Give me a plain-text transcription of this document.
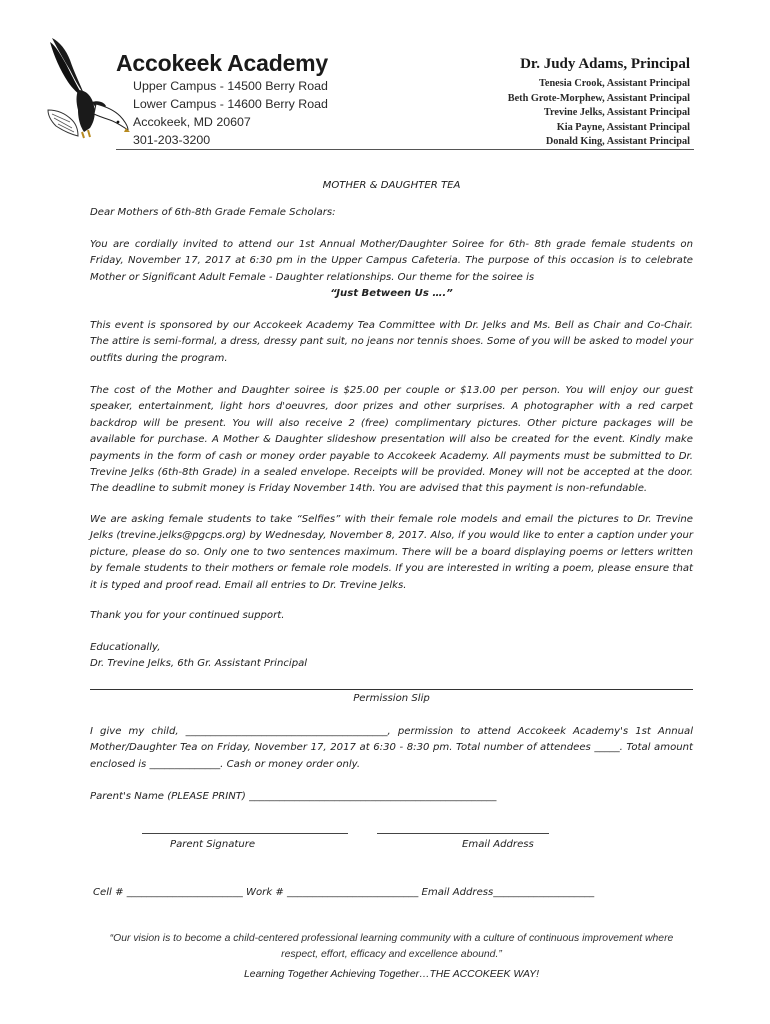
Accokeek Academy
Upper Campus - 14500 Berry Road
Lower Campus - 14600 Berry Road
Accokeek, MD 20607
301-203-3200
Dr. Judy Adams, Principal
Tenesia Crook, Assistant Principal
Beth Grote-Morphew, Assistant Principal
Trevine Jelks, Assistant Principal
Kia Payne, Assistant Principal
Donald King, Assistant Principal
MOTHER & DAUGHTER TEA
Dear Mothers of 6th-8th Grade Female Scholars:
You are cordially invited to attend our 1st Annual Mother/Daughter Soiree for 6th- 8th grade female students on Friday, November 17, 2017 at 6:30 pm in the Upper Campus Cafeteria. The purpose of this occasion is to celebrate Mother or Significant Adult Female - Daughter relationships. Our theme for the soiree is
“Just Between Us ….”
This event is sponsored by our Accokeek Academy Tea Committee with Dr. Jelks and Ms. Bell as Chair and Co-Chair. The attire is semi-formal, a dress, dressy pant suit, no jeans nor tennis shoes. Some of you will be asked to model your outfits during the program.
The cost of the Mother and Daughter soiree is $25.00 per couple or $13.00 per person. You will enjoy our guest speaker, entertainment, light hors d'oeuvres, door prizes and other surprises. A photographer with a red carpet backdrop will be present. You will also receive 2 (free) complimentary pictures. Other picture packages will be available for purchase. A Mother & Daughter slideshow presentation will also be created for the event. Kindly make payments in the form of cash or money order payable to Accokeek Academy. All payments must be submitted to Dr. Trevine Jelks (6th-8th Grade) in a sealed envelope. Receipts will be provided. Money will not be accepted at the door. The deadline to submit money is Friday November 14th. You are advised that this payment is non-refundable.
We are asking female students to take “Selfies” with their female role models and email the pictures to Dr. Trevine Jelks (trevine.jelks@pgcps.org) by Wednesday, November 8, 2017. Also, if you would like to enter a caption under your picture, please do so. Only one to two sentences maximum. There will be a board displaying poems or letters written by female students to their mothers or female role models. If you are interested in writing a poem, please ensure that it is typed and proof read. Email all entries to Dr. Trevine Jelks.
Thank you for your continued support.
Educationally,
Dr. Trevine Jelks, 6th Gr. Assistant Principal
Permission Slip
I give my child, ________________________________________, permission to attend Accokeek Academy's 1st Annual Mother/Daughter Tea on Friday, November 17, 2017 at 6:30 - 8:30 pm. Total number of attendees _____. Total amount enclosed is ______________. Cash or money order only.
Parent's Name (PLEASE PRINT) _________________________________________________
Parent Signature	Email Address
Cell # _______________________ Work # __________________________ Email Address____________________
“Our vision is to become a child-centered professional learning community with a culture of continuous improvement where respect, effort, efficacy and excellence abound.”
Learning Together Achieving Together…THE ACCOKEEK WAY!
